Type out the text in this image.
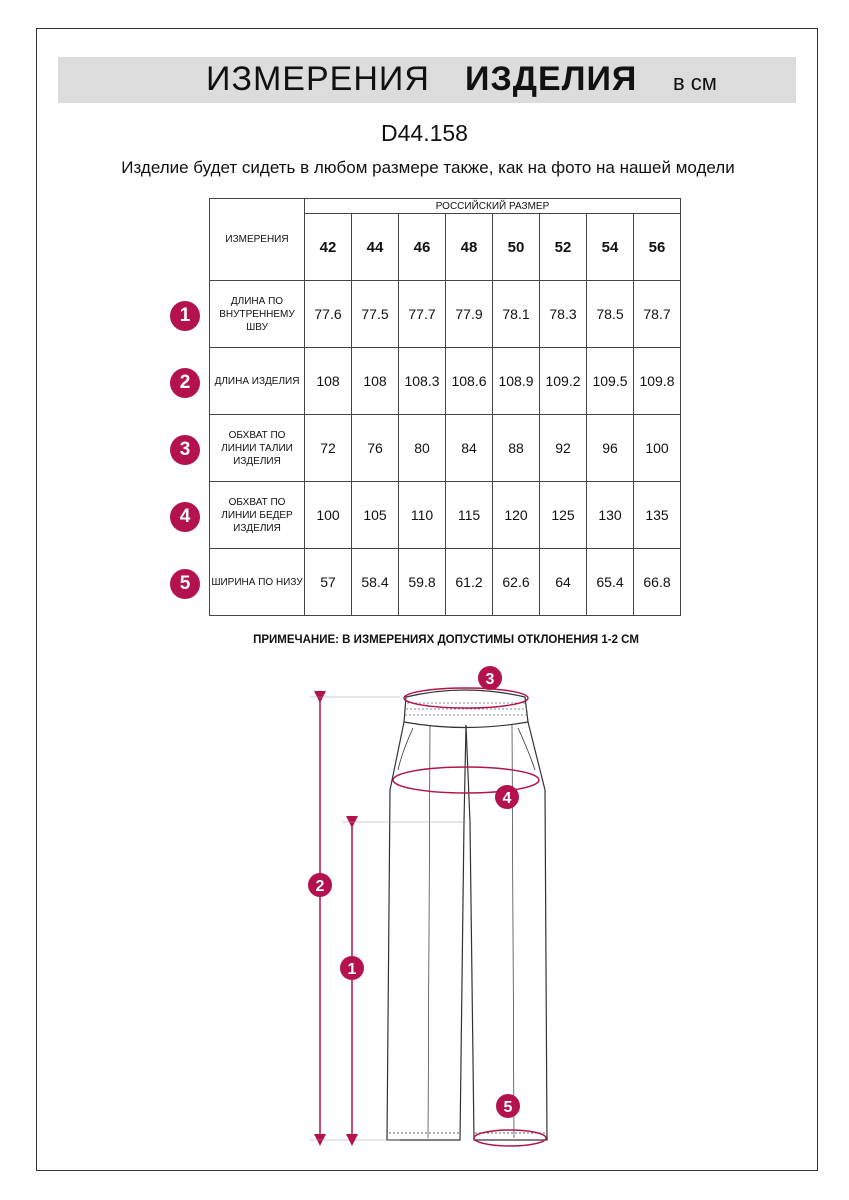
ИЗМЕРЕНИЯ ИЗДЕЛИЯ в см
D44.158
Изделие будет сидеть в любом размере также, как на фото на нашей модели
ИЗМЕРЕНИЯ	РОССИЙСКИЙ РАЗМЕР							
	42	44	46	48	50	52	54	56
ДЛИНА ПО ВНУТРЕННЕМУ ШВУ	77.6	77.5	77.7	77.9	78.1	78.3	78.5	78.7
ДЛИНА ИЗДЕЛИЯ	108	108	108.3	108.6	108.9	109.2	109.5	109.8
ОБХВАТ ПО ЛИНИИ ТАЛИИ ИЗДЕЛИЯ	72	76	80	84	88	92	96	100
ОБХВАТ ПО ЛИНИИ БЕДЕР ИЗДЕЛИЯ	100	105	110	115	120	125	130	135
ШИРИНА ПО НИЗУ	57	58.4	59.8	61.2	62.6	64	65.4	66.8
1
2
3
4
5
ПРИМЕЧАНИЕ: В ИЗМЕРЕНИЯХ ДОПУСТИМЫ ОТКЛОНЕНИЯ 1-2 СМ
3
4
2
1
5
